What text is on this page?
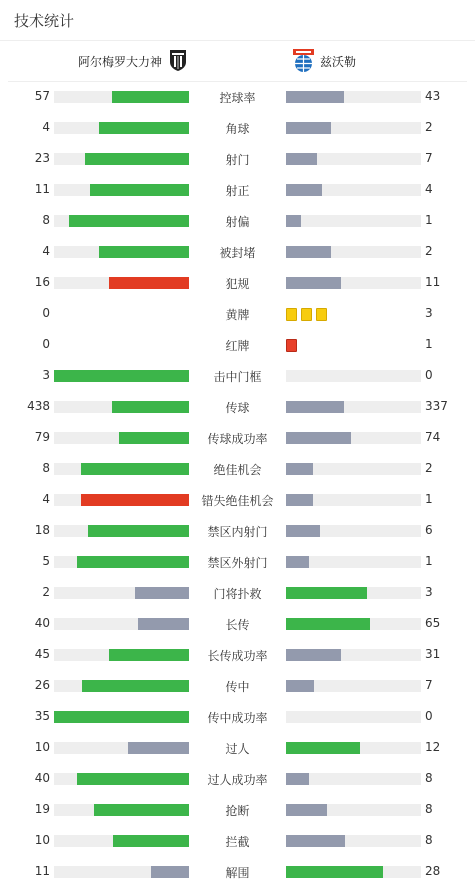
技术统计
阿尔梅罗大力神	兹沃勒
57	控球率	43
4	角球	2
23	射门	7
11	射正	4
8	射偏	1
4	被封堵	2
16	犯规	11
0	黄牌	3
0	红牌	1
3	击中门框	0
438	传球	337
79	传球成功率	74
8	绝佳机会	2
4	错失绝佳机会	1
18	禁区内射门	6
5	禁区外射门	1
2	门将扑救	3
40	长传	65
45	长传成功率	31
26	传中	7
35	传中成功率	0
10	过人	12
40	过人成功率	8
19	抢断	8
10	拦截	8
11	解围	28
